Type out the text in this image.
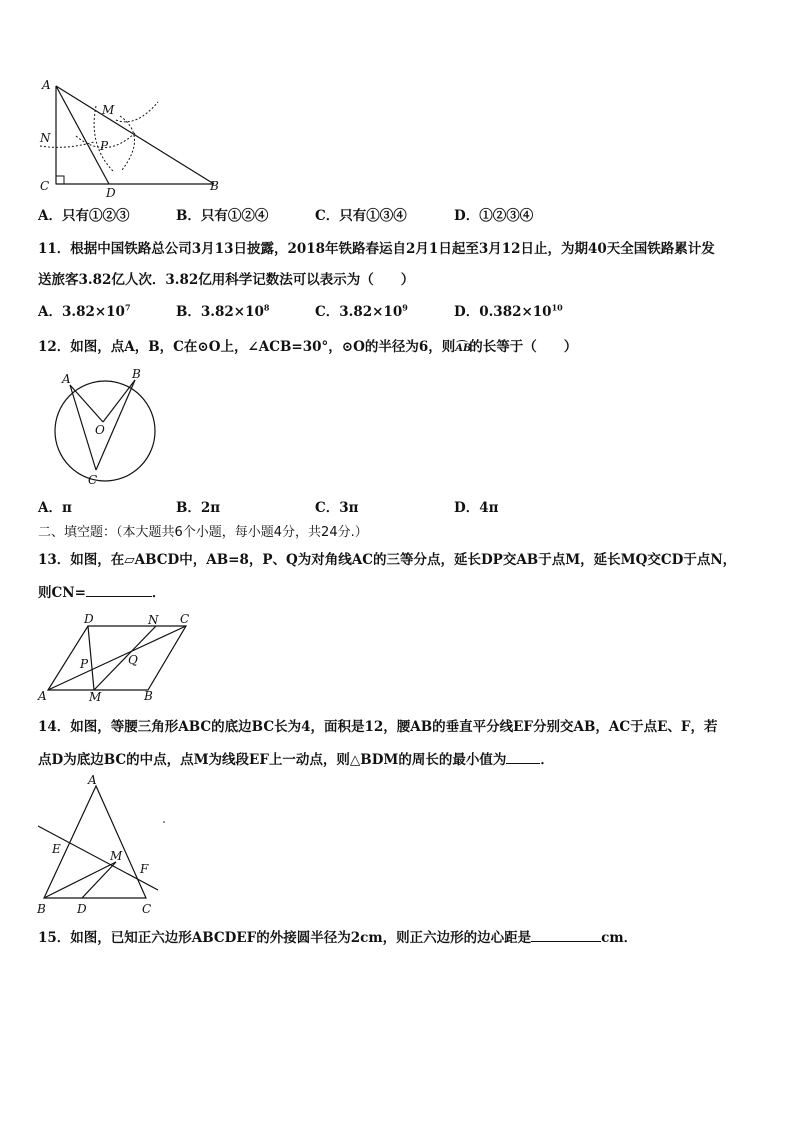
A
M
N
P
C	D	B
A．只有①②③	B．只有①②④	C．只有①③④	D．①②③④
11．根据中国铁路总公司3月13日披露，2018年铁路春运自2月1日起至3月12日止，为期40天全国铁路累计发
送旅客3.82亿人次．3.82亿用科学记数法可以表示为（　　）
A．$3.82\times 10^7$	B．$3.82\times 10^8$	C．$3.82\times 10^9$	D．$0.382\times 10^{10}$
12．如图，点A，B，C在⊙O上，∠ACB=30°，⊙O的半径为6，则AB的长等于（　　）
A	B
O
C
A．π	B．2π	C．3π	D．4π
二、填空题：（本大题共6个小题，每小题4分，共24分.）
13．如图，在▱ABCD中，AB=8，P、Q为对角线AC的三等分点，延长DP交AB于点M，延长MQ交CD于点N，
则CN=	．
D	N C
P	Q
A	M	B
14．如图，等腰三角形ABC的底边BC长为4，面积是12，腰AB的垂直平分线EF分别交AB，AC于点E、F，若
点D为底边BC的中点，点M为线段EF上一动点，则△BDM的周长的最小值为	．
A
E	M
F
B	D	C
15．如图，已知正六边形ABCDEF的外接圆半径为2cm，则正六边形的边心距是	cm．
